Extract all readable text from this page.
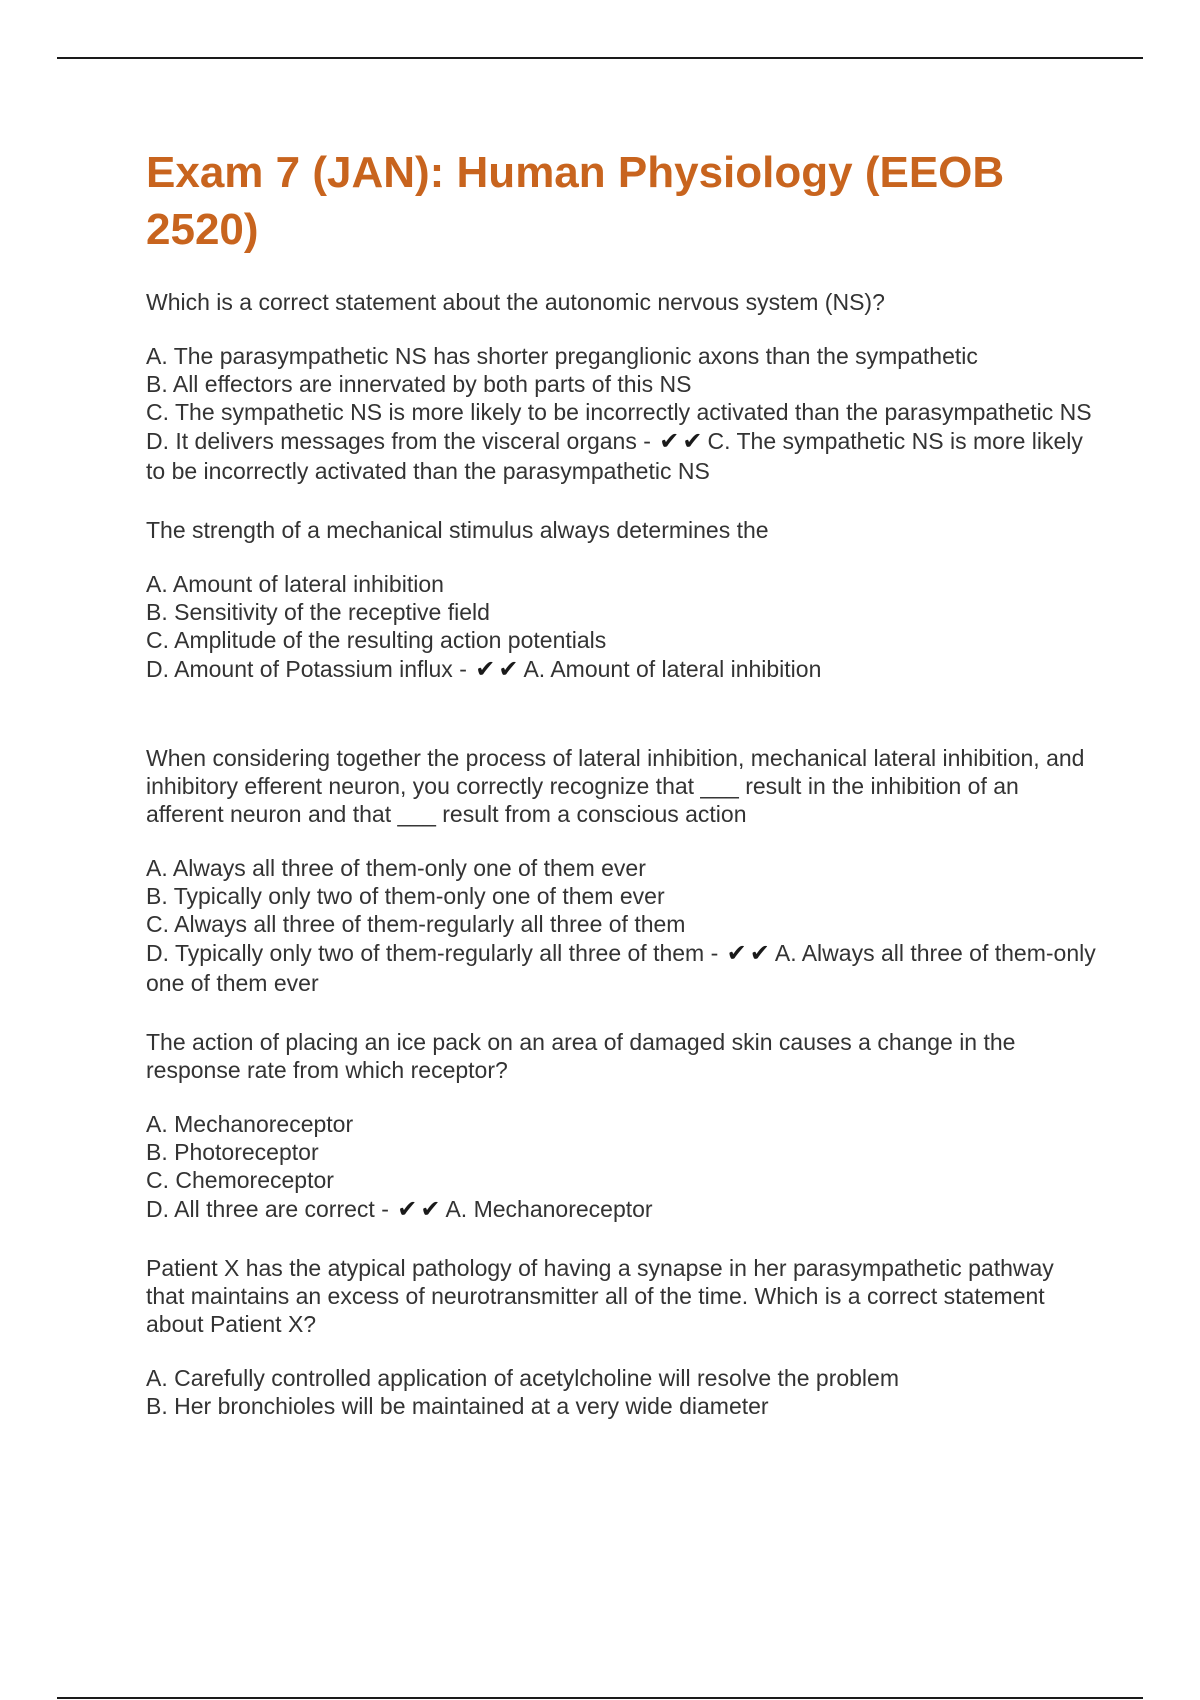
Exam 7 (JAN): Human Physiology (EEOB 2520)

Which is a correct statement about the autonomic nervous system (NS)?

A. The parasympathetic NS has shorter preganglionic axons than the sympathetic
B. All effectors are innervated by both parts of this NS
C. The sympathetic NS is more likely to be incorrectly activated than the parasympathetic NS
D. It delivers messages from the visceral organs - ✔✔C. The sympathetic NS is more likely to be incorrectly activated than the parasympathetic NS

The strength of a mechanical stimulus always determines the

A. Amount of lateral inhibition
B. Sensitivity of the receptive field
C. Amplitude of the resulting action potentials
D. Amount of Potassium influx - ✔✔A. Amount of lateral inhibition

When considering together the process of lateral inhibition, mechanical lateral inhibition, and inhibitory efferent neuron, you correctly recognize that ___ result in the inhibition of an afferent neuron and that ___ result from a conscious action

A. Always all three of them-only one of them ever
B. Typically only two of them-only one of them ever
C. Always all three of them-regularly all three of them
D. Typically only two of them-regularly all three of them - ✔✔A. Always all three of them-only one of them ever

The action of placing an ice pack on an area of damaged skin causes a change in the response rate from which receptor?

A. Mechanoreceptor
B. Photoreceptor
C. Chemoreceptor
D. All three are correct - ✔✔A. Mechanoreceptor

Patient X has the atypical pathology of having a synapse in her parasympathetic pathway that maintains an excess of neurotransmitter all of the time. Which is a correct statement about Patient X?

A. Carefully controlled application of acetylcholine will resolve the problem
B. Her bronchioles will be maintained at a very wide diameter
